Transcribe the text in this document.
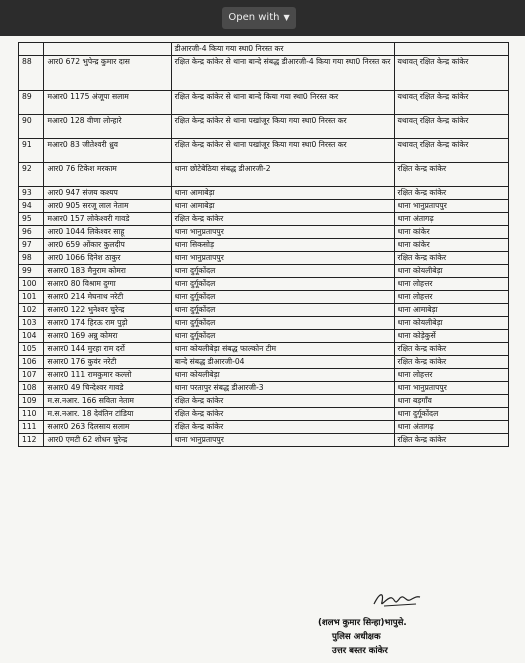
Open with ▼
		डीआरजी-4 किया गया स्था0 निरस्त कर	
88	आर0 672 भुपेन्द्र कुमार दास	रक्षित केन्द्र कांकेर से थाना बान्दे संबद्ध डीआरजी-4 किया गया स्था0 निरस्त कर	यथावत् रक्षित केन्द्र कांकेर
89	मआर0 1175 अंजूपा सलाम	रक्षित केन्द्र कांकेर से थाना बान्दे किया गया स्था0 निरस्त कर	यथावत् रक्षित केन्द्र कांकेर
90	मआर0 128 वीणा लोन्हारे	रक्षित केन्द्र कांकेर से थाना पखांजूर किया गया स्था0 निरस्त कर	यथावत् रक्षित केन्द्र कांकेर
91	मआर0 83 जीतेश्वरी ध्रुव	रक्षित केन्द्र कांकेर से थाना पखांजूर किया गया स्था0 निरस्त कर	यथावत् रक्षित केन्द्र कांकेर
92	आर0 76 टिकेश मरकाम	थाना छोटेबेठिया संबद्ध डीआरजी-2	रक्षित केन्द्र कांकेर
93	आर0 947 संजय कश्यप	थाना आमाबेड़ा	रक्षित केन्द्र कांकेर
94	आर0 905 सरजू लाल नेताम	थाना आमाबेड़ा	थाना भानुप्रतापपुर
95	मआर0 157 लोकेश्वरी गावडे	रक्षित केन्द्र कांकेर	थाना अंतागढ़
96	आर0 1044 लिकेश्वर साहू	थाना भानुप्रतापपुर	थाना कांकेर
97	आर0 659 ओंकार कुलदीप	थाना सिकसोड़	थाना कांकेर
98	आर0 1066 दिनेश ठाकुर	थाना भानुप्रतापपुर	रक्षित केन्द्र कांकेर
99	सआर0 183 मैनुराम कोमरा	थाना दुर्गूकोंदल	थाना कोयलीबेड़ा
100	सआर0 80 विश्राम दुग्गा	थाना दुर्गूकोंदल	थाना लोहत्तर
101	सआर0 214 मेघनाथ नरेटी	थाना दुर्गूकोंदल	थाना लोहत्तर
102	सआर0 122 भुनेश्वर चुरेन्द्र	थाना दुर्गूकोंदल	थाना आमाबेड़ा
103	सआर0 174 हिरऊ राम पुड़ो	थाना दुर्गूकोंदल	थाना कोयलीबेड़ा
104	सआर0 169 अन्नु कोमरा	थाना दुर्गूकोंदल	थाना कोड़ेकुर्से
105	सआर0 144 मुरहा राम दर्रो	थाना कोयलीबेड़ा संबद्ध फाल्कोन टीम	रक्षित केन्द्र कांकेर
106	सआर0 176 कुवंर नरेटी	बान्दे संबद्ध डीआरजी-04	रक्षित केन्द्र कांकेर
107	सआर0 111 रामकुमार कल्लो	थाना कोयलीबेड़ा	थाना लोहत्तर
108	सआर0 49 चिन्देश्वर गावडे	थाना परतापुर संबद्ध डीआरजी-3	थाना भानुप्रतापपुर
109	म.स.नआर. 166 सविता नेताम	रक्षित केन्द्र कांकेर	थाना बड़गाँव
110	म.स.नआर. 18 देवंतिन टांडिया	रक्षित केन्द्र कांकेर	थाना दुर्गूकोंदल
111	सआर0 263 दिलसाय सलाम	रक्षित केन्द्र कांकेर	थाना अंतागढ़
112	आर0 एमटी 62 शोधन चुरेन्द्र	थाना भानुप्रतापपुर	रक्षित केन्द्र कांकेर
(शलभ कुमार सिन्हा)भापुसे.
पुलिस अधीक्षक
उत्तर बस्तर कांकेर
